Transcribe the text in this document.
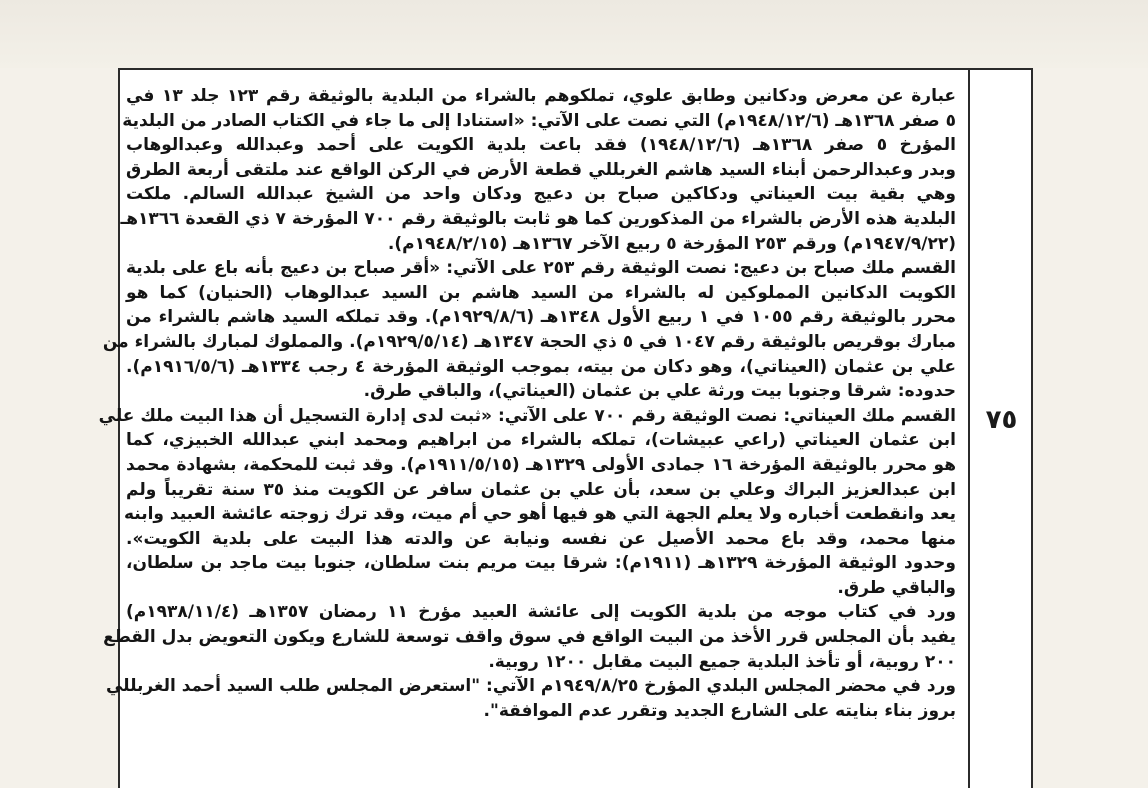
٧٥

عبارة عن معرض ودكانين وطابق علوي، تملكوهم بالشراء من البلدية بالوثيقة رقم ١٢٣ جلد ١٣ في
٥ صفر ١٣٦٨هـ (١٩٤٨/١٢/٦م) التي نصت على الآتي: «استنادا إلى ما جاء في الكتاب الصادر من البلدية
المؤرخ ٥ صفر ١٣٦٨هـ (١٩٤٨/١٢/٦) فقد باعت بلدية الكويت على أحمد وعبدالله وعبدالوهاب
وبدر وعبدالرحمن أبناء السيد هاشم الغربللي قطعة الأرض في الركن الواقع عند ملتقى أربعة الطرق
وهي بقية بيت العيناتي ودكاكين صباح بن دعيج ودكان واحد من الشيخ عبدالله السالم. ملكت
البلدية هذه الأرض بالشراء من المذكورين كما هو ثابت بالوثيقة رقم ٧٠٠ المؤرخة ٧ ذي القعدة ١٣٦٦هـ
(١٩٤٧/٩/٢٢م) ورقم ٢٥٣ المؤرخة ٥ ربيع الآخر ١٣٦٧هـ (١٩٤٨/٢/١٥م).

القسم ملك صباح بن دعيج: نصت الوثيقة رقم ٢٥٣ على الآتي: «أقر صباح بن دعيج بأنه باع على بلدية
الكويت الدكانين المملوكين له بالشراء من السيد هاشم بن السيد عبدالوهاب (الحنيان) كما هو
محرر بالوثيقة رقم ١٠٥٥ في ١ ربيع الأول ١٣٤٨هـ (١٩٢٩/٨/٦م). وقد تملكه السيد هاشم بالشراء من
مبارك بوقريص بالوثيقة رقم ١٠٤٧ في ٥ ذي الحجة ١٣٤٧هـ (١٩٢٩/٥/١٤م). والمملوك لمبارك بالشراء من
علي بن عثمان (العيناتي)، وهو دكان من بيته، بموجب الوثيقة المؤرخة ٤ رجب ١٣٣٤هـ (١٩١٦/٥/٦م).
حدوده: شرقا وجنوبا بيت ورثة علي بن عثمان (العيناتي)، والباقي طرق.

القسم ملك العيناتي: نصت الوثيقة رقم ٧٠٠ على الآتي: «ثبت لدى إدارة التسجيل أن هذا البيت ملك علي
ابن عثمان العيناتي (راعي عبيشات)، تملكه بالشراء من ابراهيم ومحمد ابني عبدالله الخبيزي، كما
هو محرر بالوثيقة المؤرخة ١٦ جمادى الأولى ١٣٢٩هـ (١٩١١/٥/١٥م). وقد ثبت للمحكمة، بشهادة محمد
ابن عبدالعزيز البراك وعلي بن سعد، بأن علي بن عثمان سافر عن الكويت منذ ٣٥ سنة تقريباً ولم
يعد وانقطعت أخباره ولا يعلم الجهة التي هو فيها أهو حي أم ميت، وقد ترك زوجته عائشة العبيد وابنه
منها محمد، وقد باع محمد الأصيل عن نفسه ونيابة عن والدته هذا البيت على بلدية الكويت».
وحدود الوثيقة المؤرخة ١٣٢٩هـ (١٩١١م): شرقا بيت مريم بنت سلطان، جنوبا بيت ماجد بن سلطان،
والباقي طرق.

ورد في كتاب موجه من بلدية الكويت إلى عائشة العبيد مؤرخ ١١ رمضان ١٣٥٧هـ (١٩٣٨/١١/٤م)
يفيد بأن المجلس قرر الأخذ من البيت الواقع في سوق واقف توسعة للشارع ويكون التعويض بدل القطع
٢٠٠ روبية، أو تأخذ البلدية جميع البيت مقابل ١٢٠٠ روبية.

ورد في محضر المجلس البلدي المؤرخ ١٩٤٩/٨/٢٥م الآتي: "استعرض المجلس طلب السيد أحمد الغربللي
بروز بناء بنايته على الشارع الجديد وتقرر عدم الموافقة".
